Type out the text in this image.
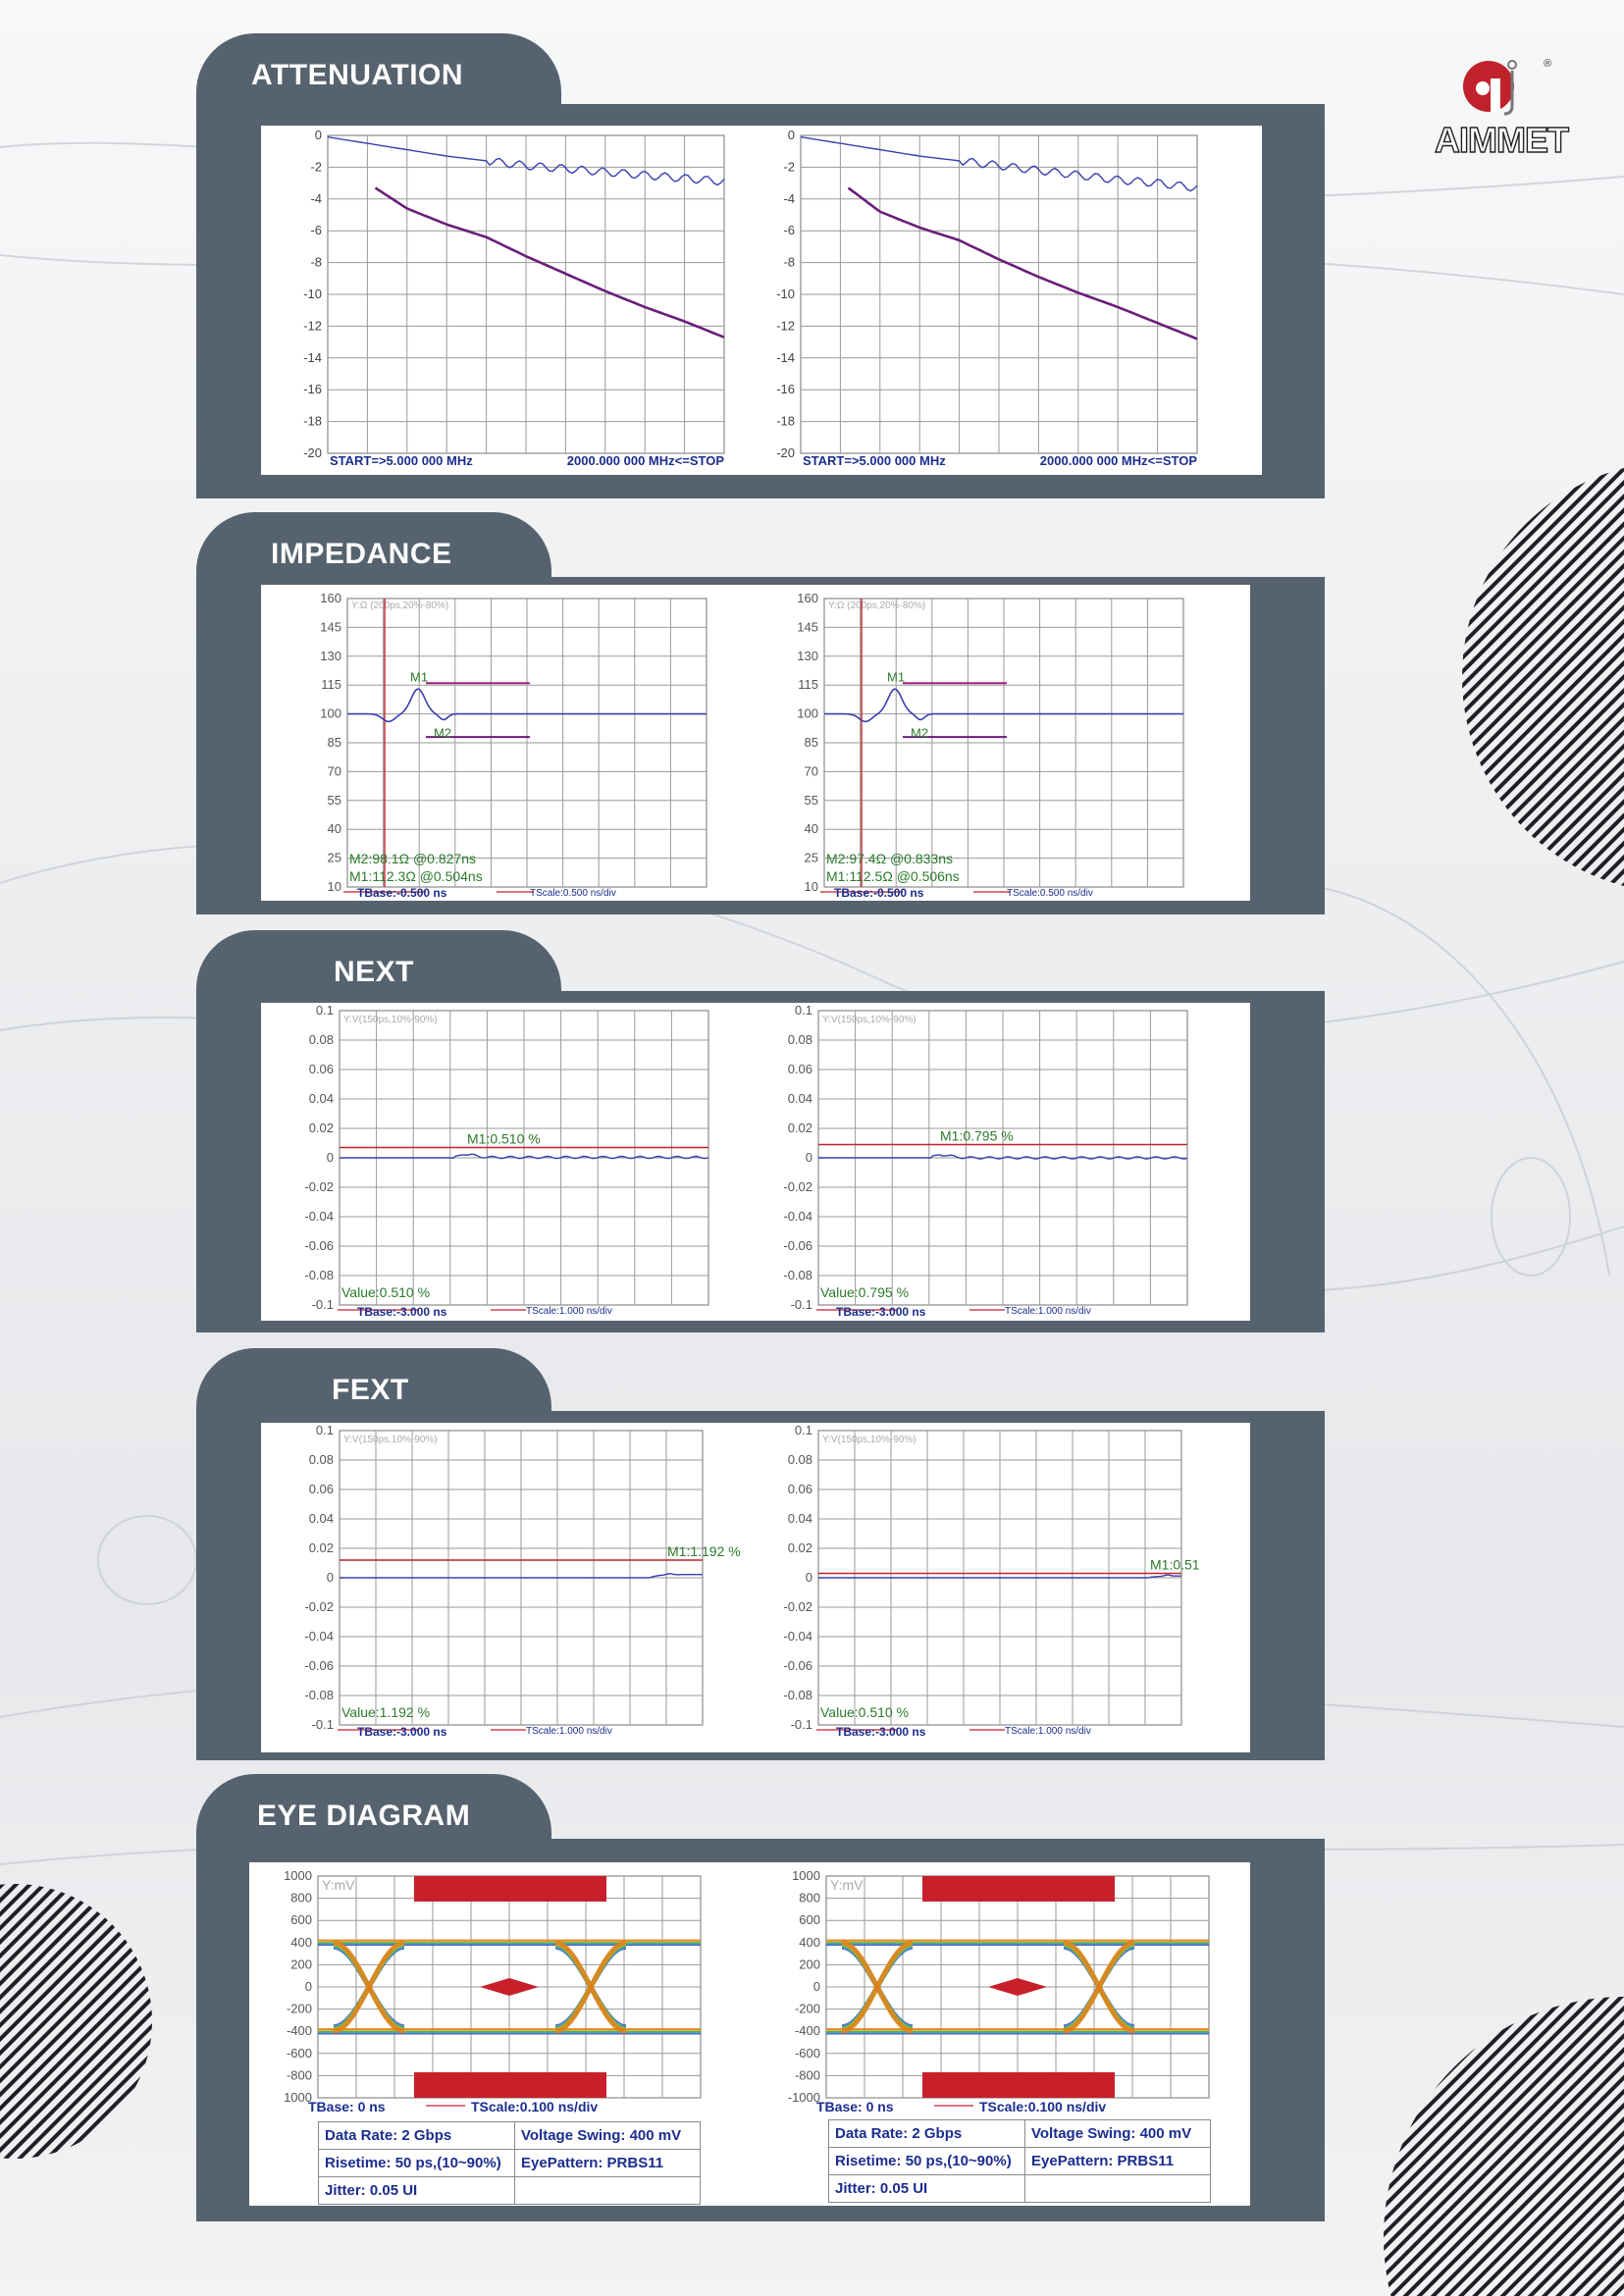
®
AIMMET
ATTENUATION
0
-2
-4
-6
-8
-10
-12
-14
-16
-18
-20
START=>5.000 000 MHz	2000.000 000 MHz<=STOP
0
-2
-4
-6
-8
-10
-12
-14
-16
-18
-20
START=>5.000 000 MHz	2000.000 000 MHz<=STOP
IMPEDANCE
160
145
130
115
100
85
70
55
40
25
10
Y:Ω (200ps,20%-80%)
M1
M2
M2:98.1Ω @0.827ns
M1:112.3Ω @0.504ns
TBase:-0.500 ns	TScale:0.500 ns/div
160
145
130
115
100
85
70
55
40
25
10
Y:Ω (200ps,20%-80%)
M1
M2
M2:97.4Ω @0.833ns
M1:112.5Ω @0.506ns
TBase:-0.500 ns	TScale:0.500 ns/div
NEXT
0.1
0.08
0.06
0.04
0.02
0
-0.02
-0.04
-0.06
-0.08
-0.1
Y:V(150ps,10%-90%)
M1:0.510 %
Value:0.510 %
TBase:-3.000 ns	TScale:1.000 ns/div
0.1
0.08
0.06
0.04
0.02
0
-0.02
-0.04
-0.06
-0.08
-0.1
Y:V(150ps,10%-90%)
M1:0.795 %
Value:0.795 %
TBase:-3.000 ns	TScale:1.000 ns/div
FEXT
0.1
0.08
0.06
0.04
0.02
0
-0.02
-0.04
-0.06
-0.08
-0.1
Y:V(150ps,10%-90%)
M1:1.192 %
Value:1.192 %
TBase:-3.000 ns	TScale:1.000 ns/div
0.1
0.08
0.06
0.04
0.02
0
-0.02
-0.04
-0.06
-0.08
-0.1
Y:V(150ps,10%-90%)
M1:0.51
Value:0.510 %
TBase:-3.000 ns	TScale:1.000 ns/div
EYE DIAGRAM
1000
800
600
400
200
0
-200
-400
-600
-800
1000
Y:mV
TBase: 0 ns	TScale:0.100 ns/div
1000
800
600
400
200
0
-200
-400
-600
-800
-1000
Y:mV
TBase: 0 ns	TScale:0.100 ns/div
Data Rate: 2 Gbps	Voltage Swing: 400 mV
Risetime: 50 ps,(10~90%)	EyePattern: PRBS11
Jitter: 0.05 UI	
Data Rate: 2 Gbps	Voltage Swing: 400 mV
Risetime: 50 ps,(10~90%)	EyePattern: PRBS11
Jitter: 0.05 UI	
